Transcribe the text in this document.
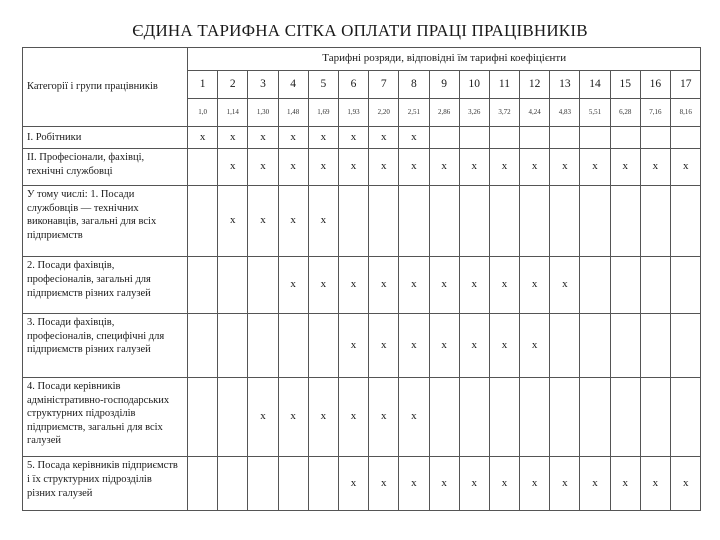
ЄДИНА ТАРИФНА СІТКА ОПЛАТИ ПРАЦІ ПРАЦІВНИКІВ
Категорії і групи працівників	Тарифні розряди, відповідні їм тарифні коефіцієнти																
	1	2	3	4	5	6	7	8	9	10	11	12	13	14	15	16	17
	1,0	1,14	1,30	1,48	1,69	1,93	2,20	2,51	2,86	3,26	3,72	4,24	4,83	5,51	6,28	7,16	8,16
I. Робітники	x	x	x	x	x	x	x	x									
II. Професіонали, фахівці, технічні службовці		x	x	x	x	x	x	x	x	x	x	x	x	x	x	x	x
У тому числі: 1. Посади службовців — технічних виконавців, загальні для всіх підприємств		x	x	x	x												
2. Посади фахівців, професіоналів, загальні для підприємств різних галузей				x	x	x	x	x	x	x	x	x	x				
3. Посади фахівців, професіоналів, специфічні для підприємств різних галузей						x	x	x	x	x	x	x					
4. Посади керівників адміністративно-господарських структурних підрозділів підприємств, загальні для всіх галузей			x	x	x	x	x	x									
5. Посада керівників підприємств і їх структурних підрозділів різних галузей						x	x	x	x	x	x	x	x	x	x	x	x
